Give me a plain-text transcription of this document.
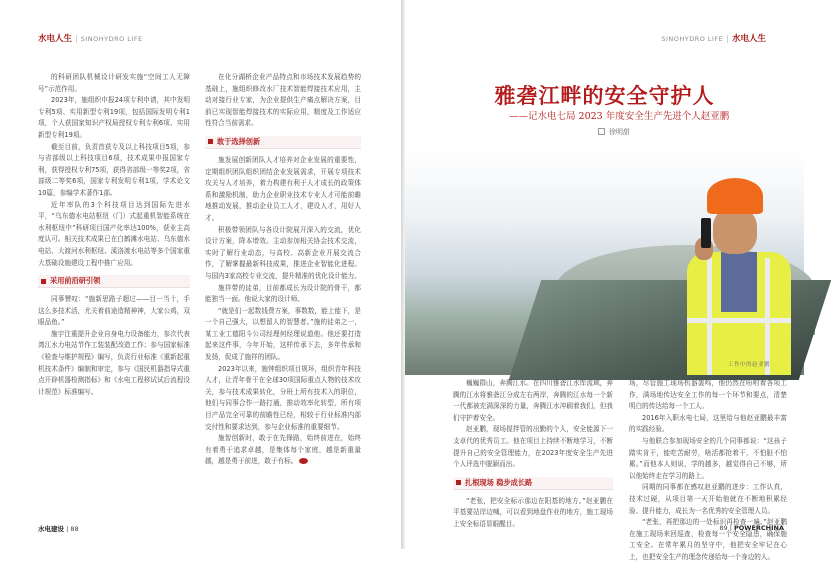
水电人生 | SINOHYDRO LIFE

的科研团队机械设计研发实施“空间工人无障号”示范作用。

2023年，施组织申报24项专利申请，其中发明专利5项、实用新型专利19项，包括国际发明专利1项，个人获国家知识产权局授权专利专利6项、实用新型专利19项。

截至目前，负责首获专及以上科技项目5项，参与省部级以上科技项目6项，技术成果申报国家专利，获得授权专利75项，获得省部级一等奖2项，省部级二等奖6项，国家专利发明专利1项，学术论文10篇，参编学术著作1部。

近年率队的3个科技项目达到国际先进水平，“乌东德水电站枢纽（门）式起重机智能系统在水利枢纽中”科研项目国产化率达100%，获业主高度认可。相关技术成果已在白鹤滩水电站、乌东德水电站、大渡河水利枢纽、溪洛渡水电站等多个国家重大基础设施建设工程中推广应用。

采用前沿研引领

同事赞叹：“施新思路子超过——目一当十，手这么多技术活，尤关着前途造精神神，大家公鸡，双眼品鱼。”

施宇注重提升企业自身电力设备能力，参次代表湾江水力电站节作工装装配改造工作；参与国家标准《检查与维护规程》编写，负责行业标准《重新起重机技术条件》编制和审定，参与《国民机器指导式重点开辟机器检测指标》和《水电工程移试试后流程设计规范》标准编写。

在化分湖桥企业产品特点和市场技术发展趋势的基础上，施组织修改水厂技术智能焊接技术应用，主动对接行业专家，为企业提供生产痛点解决方案，目前已实现智能焊接技术的实际应用，精度及工作适应性符合当前需求。

敢于选择创新

施发展创新团队人才培养对企业发展的重要性，定期组织团队组织团结企业发展需求，开展专项技术攻关与人才培养，着力构建有利于人才成长的政策体系和激励机制，助力企业职业技术专业人才可能前瞻地推动发展，推动企业员工人才，建设人才，用好人才。

积极带领团队与各设计院展开深入的交流，优化设计方案，降本增效。主动参加相关协会技术交流，实时了解行业动态，与高校、高新企业开展交流合作，了解掌握最新科技成果，推进企业智能化进程。与国内3家高校专业交流，提升精准的优化设计能力。

施祥带的徒弟，目前都成长为设计院的骨干，都能独当一面。他说大家的设计师。

“就是们一起数钱费方案，事数数，能上能下，是一个自己强大，以想留人的智慧者。”施的徒弟之一，某工业工德阳斗公司经理何经理说道他。他还要打造起来这件事，今年开始，这样传承下去，多年传承和发扬，促成了施祥的团队。

2023年以来，施钟组织项目规环，组织青年科技人才，让青年骨干在全球30项国际重点人物的技术攻关，参与技术成果转化，分班上所有技术入的职位，他们与同事合作一路打通，推动效率化转型，所有项目产品完全可靠的前瞻性已经，相较于行业标准内部交付性和要求达到，参与企业标准的重要细节。

施智创新时，敢于在先锋路，始终前进在，始终有着勇于追求卓越，是集体每个家庭，越是新重量越，越是勇于前进，敢于有标。

水电建设 | 88
SINOHYDRO LIFE | 水电人生
雅砻江畔的安全守护人
——记水电七局 2023 年度安全生产先进个人赵亚鹏
徐明甜
工作中的赵亚鹏

巍巍群山，奔腾江水。在四川雅砻江水库流域，奔腾的江水将雅砻江分成左右两岸，奔腾的江水每一个新一代都被充满深深的力量，奔腾江水冲刷着我们，但我们守护着安全。

赵亚鹏，现场搅拌管的出勤的个人，安全能源下一支卓代的优秀员工。他在项目上持续不断地学习，不断提升自己的安全管理能力，在2023年度安全生产先进个人评选中脱颖而出。

扎根现场 稳步成长路

“老张，把安全标示那边在阳基的地方。”赵亚鹏在平基要站岸边喊，可以看到地盘作业的地方，施工现场上安全标语显眼醒目。

场，尽管施工现场机器轰鸣，他仍然在吩咐着各项工作，满场地传达安全工作的每一个环节和要点，清楚明白的传达给每一个工人。

2016年入职水电七局，这里给与他赵亚鹏最丰富的实践经验。

与他联合参加现场安全的几个同事都说：“这孩子踏实肯干，能吃苦耐劳，啥活都抢着干，不怕脏不怕累。”而他本人则说，学的越多，越觉得自己不够，所以他始终走在学习的路上。

同期的同事都在感叹赵亚鹏的进步：工作认真，技术过硬，从项目第一天开始他就在不断地积累经验、提升能力，成长为一名优秀的安全管理人员。

“老张，再把那边的一处标识再检查一遍。”赵亚鹏在施工现场来回巡查，检查每一个安全隐患，确保施工安全。在常年累月的坚守中，他把安全牢记在心上，也把安全生产的理念传递给每一个身边的人。

89 | POWERCHINA
